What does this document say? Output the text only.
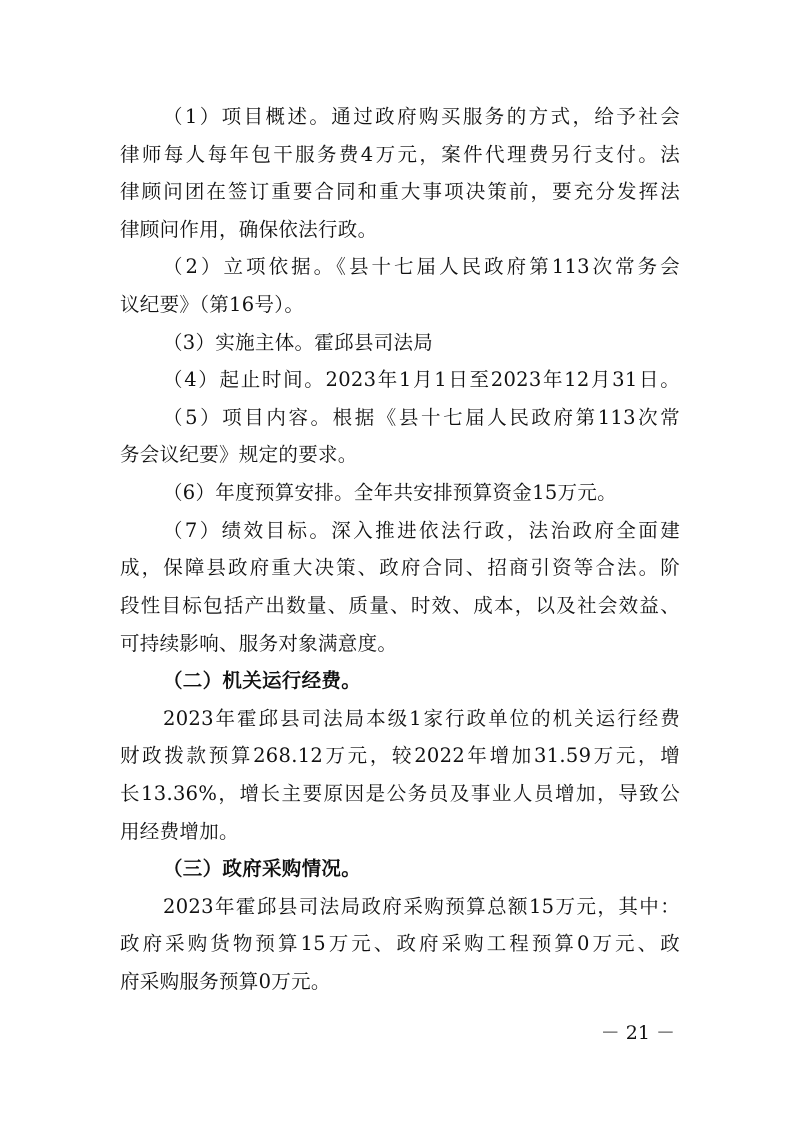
（1）项目概述。通过政府购买服务的方式，给予社会
律师每人每年包干服务费4万元，案件代理费另行支付。法
律顾问团在签订重要合同和重大事项决策前，要充分发挥法
律顾问作用，确保依法行政。
（2）立项依据。《县十七届人民政府第113次常务会
议纪要》（第16号）。
（3）实施主体。霍邱县司法局
（4）起止时间。2023年1月1日至2023年12月31日。
（5）项目内容。根据《县十七届人民政府第113次常
务会议纪要》规定的要求。
（6）年度预算安排。全年共安排预算资金15万元。
（7）绩效目标。深入推进依法行政，法治政府全面建
成，保障县政府重大决策、政府合同、招商引资等合法。阶
段性目标包括产出数量、质量、时效、成本，以及社会效益、
可持续影响、服务对象满意度。
（二）机关运行经费。
2023年霍邱县司法局本级1家行政单位的机关运行经费
财政拨款预算268.12万元，较2022年增加31.59万元，增
长13.36%，增长主要原因是公务员及事业人员增加，导致公
用经费增加。
（三）政府采购情况。
2023年霍邱县司法局政府采购预算总额15万元，其中：
政府采购货物预算15万元、政府采购工程预算0万元、政
府采购服务预算0万元。
－ 21 －
